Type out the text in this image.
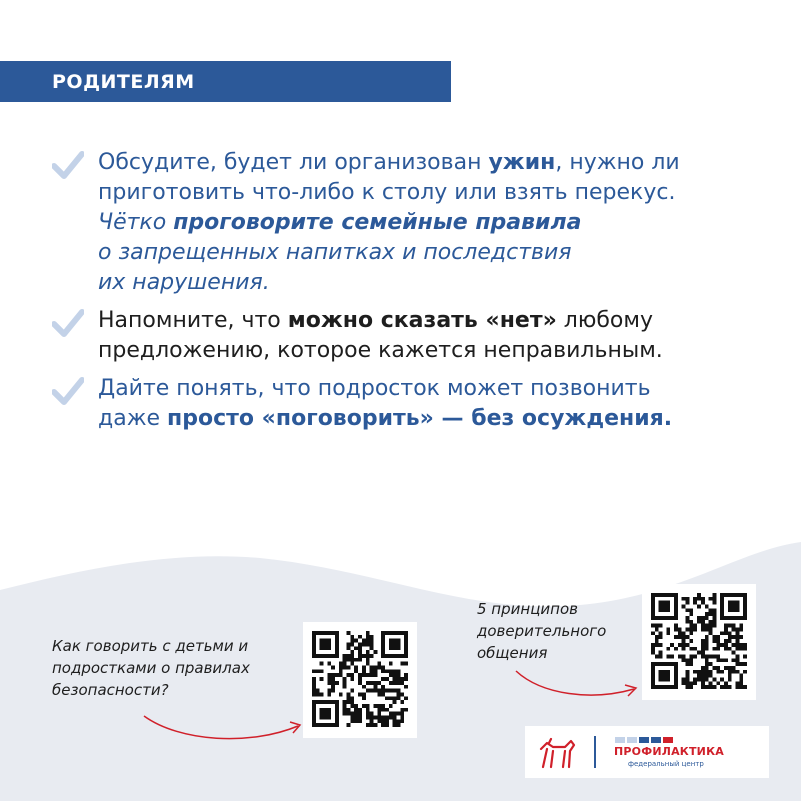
РОДИТЕЛЯМ
Обсудите, будет ли организован ужин, нужно ли
приготовить что-либо к столу или взять перекус.
Чётко проговорите семейные правила
о запрещенных напитках и последствия
их нарушения.
Напомните, что можно сказать «нет» любому
предложению, которое кажется неправильным.
Дайте понять, что подросток может позвонить
даже просто «поговорить» — без осуждения.

Как говорить с детьми и
подростками о правилах
безопасности?

5 принципов
доверительного
общения

ПРОФИЛАКТИКА

федеральный центр
